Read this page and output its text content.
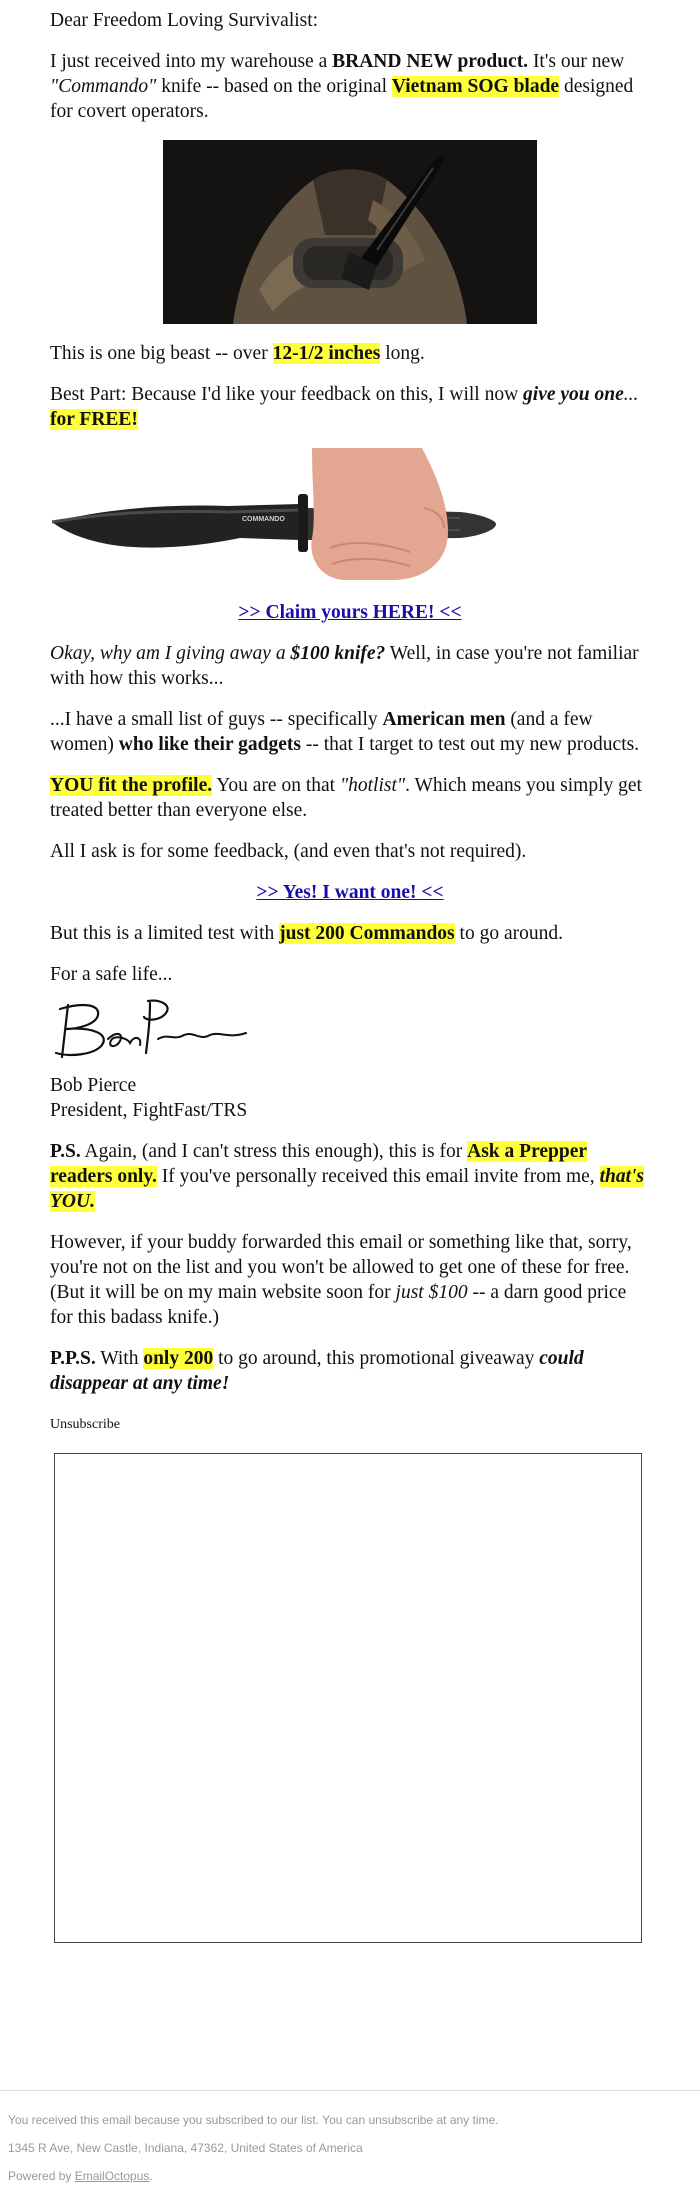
Dear Freedom Loving Survivalist:

I just received into my warehouse a BRAND NEW product. It's our new "Commando" knife -- based on the original Vietnam SOG blade designed for covert operators.

This is one big beast -- over 12-1/2 inches long.

Best Part: Because I'd like your feedback on this, I will now give you one... for FREE!

COMMANDO

>> Claim yours HERE! <<

Okay, why am I giving away a $100 knife? Well, in case you're not familiar with how this works...

...I have a small list of guys -- specifically American men (and a few women) who like their gadgets -- that I target to test out my new products.

YOU fit the profile. You are on that "hotlist". Which means you simply get treated better than everyone else.

All I ask is for some feedback, (and even that's not required).

>> Yes! I want one! <<

But this is a limited test with just 200 Commandos to go around.

For a safe life...

Bob Pierce
President, FightFast/TRS

P.S. Again, (and I can't stress this enough), this is for Ask a Prepper readers only. If you've personally received this email invite from me, that's YOU.

However, if your buddy forwarded this email or something like that, sorry, you're not on the list and you won't be allowed to get one of these for free. (But it will be on my main website soon for just $100 -- a darn good price for this badass knife.)

P.P.S. With only 200 to go around, this promotional giveaway could disappear at any time!

Unsubscribe

You received this email because you subscribed to our list. You can unsubscribe at any time.

1345 R Ave, New Castle, Indiana, 47362, United States of America

Powered by EmailOctopus.
